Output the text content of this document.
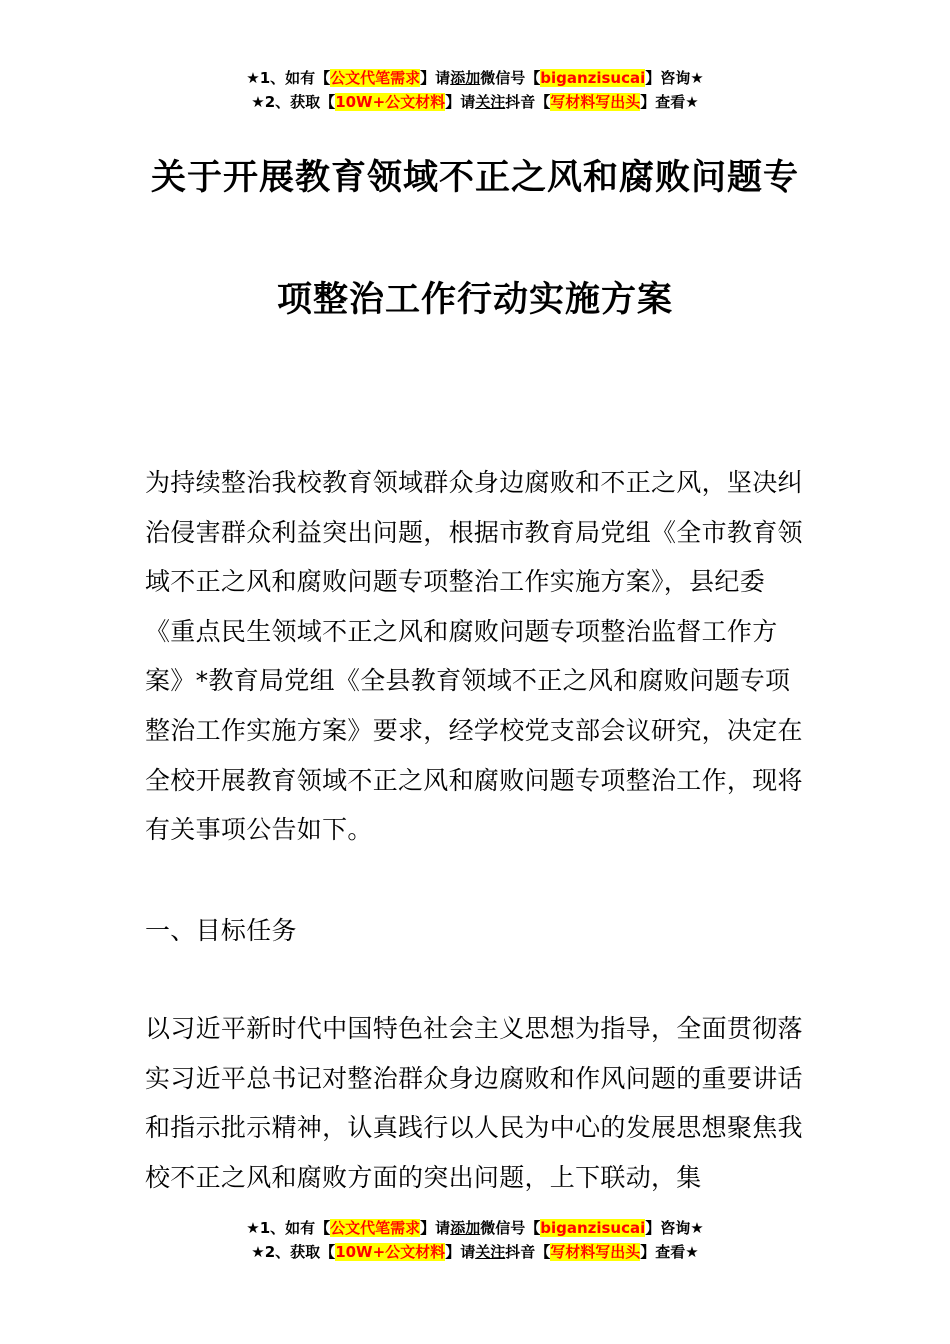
★1、如有【公文代笔需求】请添加微信号【biganzisucai】咨询★
★2、获取【10W+公文材料】请关注抖音【写材料写出头】查看★
关于开展教育领域不正之风和腐败问题专
项整治工作行动实施方案
为持续整治我校教育领域群众身边腐败和不正之风，坚决纠治侵害群众利益突出问题，根据市教育局党组《全市教育领域不正之风和腐败问题专项整治工作实施方案》，县纪委《重点民生领域不正之风和腐败问题专项整治监督工作方案》*教育局党组《全县教育领域不正之风和腐败问题专项整治工作实施方案》要求，经学校党支部会议研究，决定在全校开展教育领域不正之风和腐败问题专项整治工作，现将有关事项公告如下。
一、目标任务
以习近平新时代中国特色社会主义思想为指导，全面贯彻落实习近平总书记对整治群众身边腐败和作风问题的重要讲话和指示批示精神，认真践行以人民为中心的发展思想聚焦我校不正之风和腐败方面的突出问题，上下联动，集
★1、如有【公文代笔需求】请添加微信号【biganzisucai】咨询★
★2、获取【10W+公文材料】请关注抖音【写材料写出头】查看★
